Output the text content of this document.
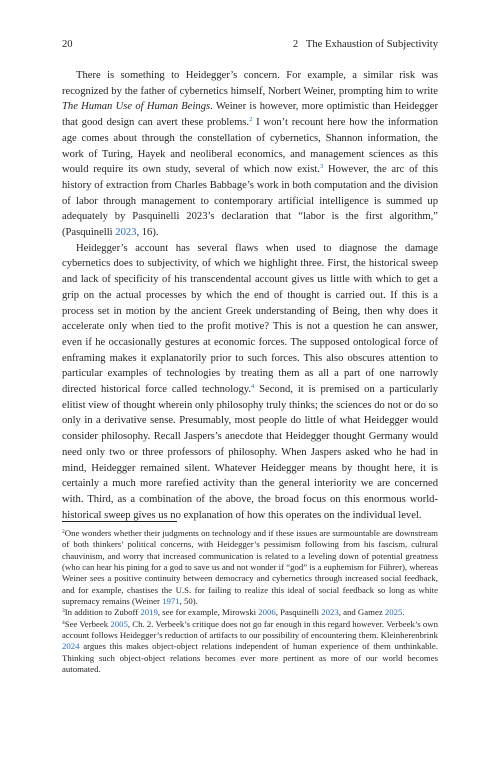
20	2   The Exhaustion of Subjectivity

There is something to Heidegger’s concern. For example, a similar risk was recognized by the father of cybernetics himself, Norbert Weiner, prompting him to write The Human Use of Human Beings. Weiner is however, more optimistic than Heidegger that good design can avert these problems.$^2$ I won’t recount here how the information age comes about through the constellation of cybernetics, Shannon information, the work of Turing, Hayek and neoliberal economics, and management sciences as this would require its own study, several of which now exist.$^3$ However, the arc of this history of extraction from Charles Babbage’s work in both computation and the division of labor through management to contemporary artificial intelligence is summed up adequately by Pasquinelli 2023’s declaration that “labor is the first algorithm,” (Pasquinelli 2023, 16).

Heidegger’s account has several flaws when used to diagnose the damage cybernetics does to subjectivity, of which we highlight three. First, the historical sweep and lack of specificity of his transcendental account gives us little with which to get a grip on the actual processes by which the end of thought is carried out. If this is a process set in motion by the ancient Greek understanding of Being, then why does it accelerate only when tied to the profit motive? This is not a question he can answer, even if he occasionally gestures at economic forces. The supposed ontological force of enframing makes it explanatorily prior to such forces. This also obscures attention to particular examples of technologies by treating them as all a part of one narrowly directed historical force called technology.$^4$ Second, it is premised on a particularly elitist view of thought wherein only philosophy truly thinks; the sciences do not or do so only in a derivative sense. Presumably, most people do little of what Heidegger would consider philosophy. Recall Jaspers’s anecdote that Heidegger thought Germany would need only two or three professors of philosophy. When Jaspers asked who he had in mind, Heidegger remained silent. Whatever Heidegger means by thought here, it is certainly a much more rarefied activity than the general interiority we are concerned with. Third, as a combination of the above, the broad focus on this enormous world-historical sweep gives us no explanation of how this operates on the individual level.

$^2$One wonders whether their judgments on technology and if these issues are surmountable are downstream of both thinkers’ political concerns, with Heidegger’s pessimism following from his fascism, cultural chauvinism, and worry that increased communication is related to a leveling down of potential greatness (who can hear his pining for a god to save us and not wonder if “god” is a euphemism for Führer), whereas Weiner sees a positive continuity between democracy and cybernetics through increased social feedback, and for example, chastises the U.S. for failing to realize this ideal of social feedback so long as white supremacy remains (Weiner 1971, 50).

$^3$In addition to Zuboff 2019, see for example, Mirowski 2006, Pasquinelli 2023, and Gamez 2025.

$^4$See Verbeek 2005, Ch. 2. Verbeek’s critique does not go far enough in this regard however. Verbeek’s own account follows Heidegger’s reduction of artifacts to our possibility of encountering them. Kleinherenbrink 2024 argues this makes object-object relations independent of human experience of them unthinkable. Thinking such object-object relations becomes ever more pertinent as more of our world becomes automated.
